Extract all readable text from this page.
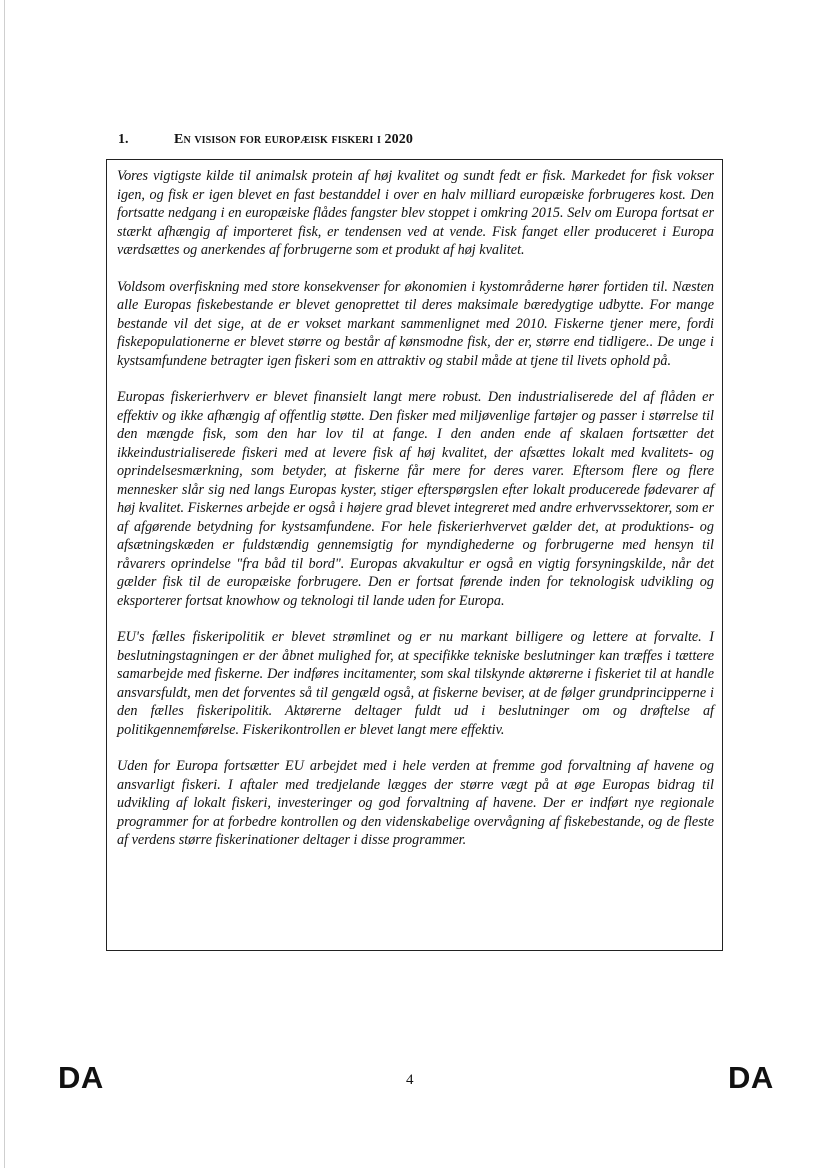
1.	En visison for europæisk fiskeri i 2020

Vores vigtigste kilde til animalsk protein af høj kvalitet og sundt fedt er fisk. Markedet for fisk vokser igen, og fisk er igen blevet en fast bestanddel i over en halv milliard europæiske forbrugeres kost. Den fortsatte nedgang i en europæiske flådes fangster blev stoppet i omkring 2015. Selv om Europa fortsat er stærkt afhængig af importeret fisk, er tendensen ved at vende. Fisk fanget eller produceret i Europa værdsættes og anerkendes af forbrugerne som et produkt af høj kvalitet.

Voldsom overfiskning med store konsekvenser for økonomien i kystområderne hører fortiden til. Næsten alle Europas fiskebestande er blevet genoprettet til deres maksimale bæredygtige udbytte. For mange bestande vil det sige, at de er vokset markant sammenlignet med 2010. Fiskerne tjener mere, fordi fiskepopulationerne er blevet større og består af kønsmodne fisk, der er, større end tidligere.. De unge i kystsamfundene betragter igen fiskeri som en attraktiv og stabil måde at tjene til livets ophold på.

Europas fiskerierhverv er blevet finansielt langt mere robust. Den industrialiserede del af flåden er effektiv og ikke afhængig af offentlig støtte. Den fisker med miljøvenlige fartøjer og passer i størrelse til den mængde fisk, som den har lov til at fange. I den anden ende af skalaen fortsætter det ikkeindustrialiserede fiskeri med at levere fisk af høj kvalitet, der afsættes lokalt med kvalitets- og oprindelsesmærkning, som betyder, at fiskerne får mere for deres varer. Eftersom flere og flere mennesker slår sig ned langs Europas kyster, stiger efterspørgslen efter lokalt producerede fødevarer af høj kvalitet. Fiskernes arbejde er også i højere grad blevet integreret med andre erhvervssektorer, som er af afgørende betydning for kystsamfundene. For hele fiskerierhvervet gælder det, at produktions- og afsætningskæden er fuldstændig gennemsigtig for myndighederne og forbrugerne med hensyn til råvarers oprindelse "fra båd til bord". Europas akvakultur er også en vigtig forsyningskilde, når det gælder fisk til de europæiske forbrugere. Den er fortsat førende inden for teknologisk udvikling og eksporterer fortsat knowhow og teknologi til lande uden for Europa.

EU's fælles fiskeripolitik er blevet strømlinet og er nu markant billigere og lettere at forvalte. I beslutningstagningen er der åbnet mulighed for, at specifikke tekniske beslutninger kan træffes i tættere samarbejde med fiskerne. Der indføres incitamenter, som skal tilskynde aktørerne i fiskeriet til at handle ansvarsfuldt, men det forventes så til gengæld også, at fiskerne beviser, at de følger grundprincipperne i den fælles fiskeripolitik. Aktørerne deltager fuldt ud i beslutninger om og drøftelse af politikgennemførelse. Fiskerikontrollen er blevet langt mere effektiv.

Uden for Europa fortsætter EU arbejdet med i hele verden at fremme god forvaltning af havene og ansvarligt fiskeri. I aftaler med tredjelande lægges der større vægt på at øge Europas bidrag til udvikling af lokalt fiskeri, investeringer og god forvaltning af havene. Der er indført nye regionale programmer for at forbedre kontrollen og den videnskabelige overvågning af fiskebestande, og de fleste af verdens større fiskerinationer deltager i disse programmer.

DA	4	DA
